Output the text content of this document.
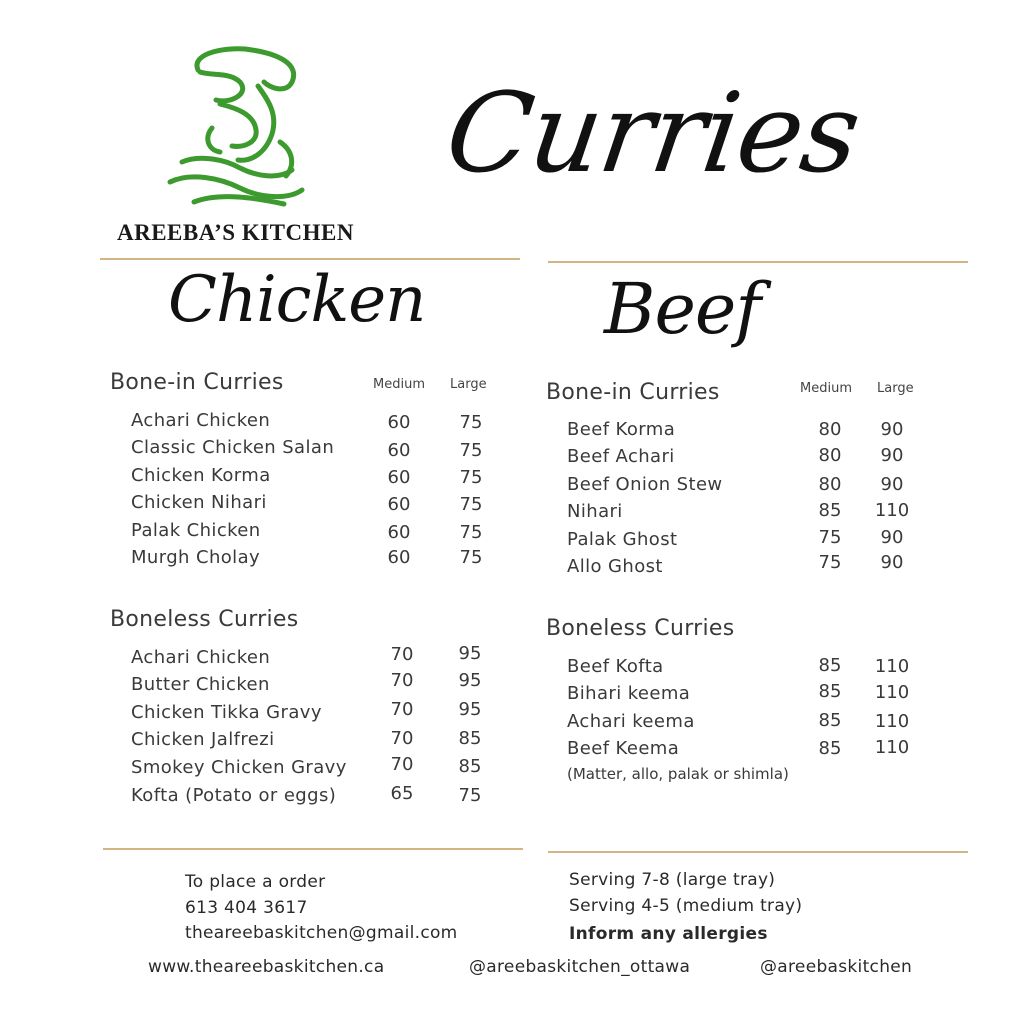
AREEBA’S KITCHEN
Curries
Chicken	Beef
Bone-in Curries	Medium Large
Achari Chicken	60	75
Classic Chicken Salan	60	75
Chicken Korma	60	75
Chicken Nihari	60	75
Palak Chicken	60	75
Murgh Cholay	60	75
Boneless Curries
Achari Chicken	70	95
Butter Chicken	70	95
Chicken Tikka Gravy	70	95
Chicken Jalfrezi	70	85
Smokey Chicken Gravy	70	85
Kofta (Potato or eggs)	65	75
Bone-in Curries	Medium Large
Beef Korma	80	90
Beef Achari	80	90
Beef Onion Stew	80	90
Nihari	85	110
Palak Ghost	75	90
Allo Ghost	75	90
Boneless Curries
Beef Kofta	85	110
Bihari keema	85	110
Achari keema	85	110
Beef Keema	85	110
(Matter, allo, palak or shimla)
To place a order
613 404 3617
theareebaskitchen@gmail.com
Serving 7-8 (large tray)
Serving 4-5 (medium tray)
Inform any allergies
www.theareebaskitchen.ca	@areebaskitchen_ottawa	@areebaskitchen
